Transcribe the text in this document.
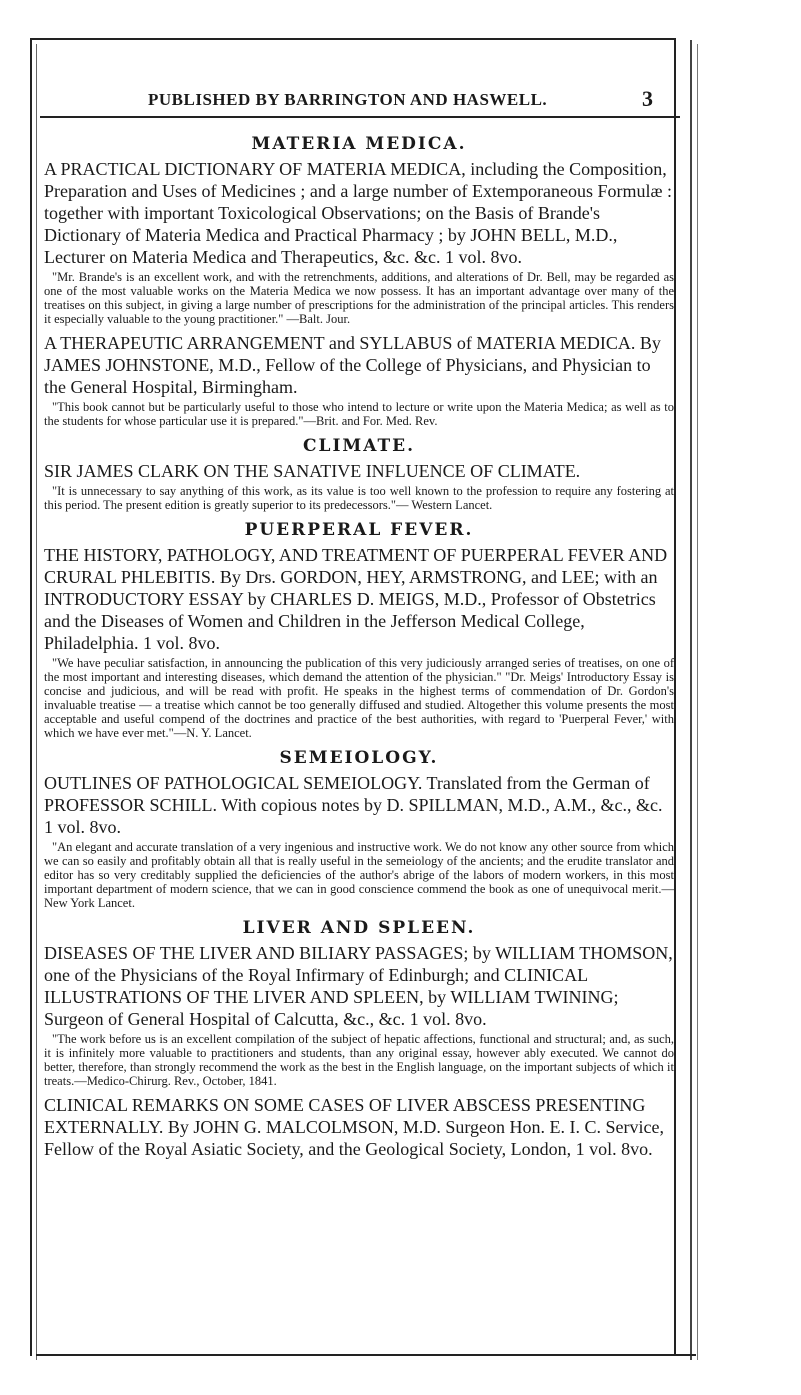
PUBLISHED BY BARRINGTON AND HASWELL.	3
MATERIA MEDICA.

A PRACTICAL DICTIONARY OF MATERIA MEDICA, including the Composition, Preparation and Uses of Medicines ; and a large number of Extemporaneous Formulæ : together with important Toxicological Observations; on the Basis of Brande's Dictionary of Materia Medica and Practical Pharmacy ; by JOHN BELL, M.D., Lecturer on Materia Medica and Therapeutics, &c. &c. 1 vol. 8vo.

"Mr. Brande's is an excellent work, and with the retrenchments, additions, and alterations of Dr. Bell, may be regarded as one of the most valuable works on the Materia Medica we now possess. It has an important advantage over many of the treatises on this subject, in giving a large number of prescriptions for the administration of the principal articles. This renders it especially valuable to the young practitioner." —Balt. Jour.

A THERAPEUTIC ARRANGEMENT and SYLLABUS of MATERIA MEDICA. By JAMES JOHNSTONE, M.D., Fellow of the College of Physicians, and Physician to the General Hospital, Birmingham.

"This book cannot but be particularly useful to those who intend to lecture or write upon the Materia Medica; as well as to the students for whose particular use it is prepared."—Brit. and For. Med. Rev.

CLIMATE.

SIR JAMES CLARK ON THE SANATIVE INFLUENCE OF CLIMATE.

"It is unnecessary to say anything of this work, as its value is too well known to the profession to require any fostering at this period. The present edition is greatly superior to its predecessors."— Western Lancet.

PUERPERAL FEVER.

THE HISTORY, PATHOLOGY, AND TREATMENT OF PUERPERAL FEVER AND CRURAL PHLEBITIS. By Drs. GORDON, HEY, ARMSTRONG, and LEE; with an INTRODUCTORY ESSAY by CHARLES D. MEIGS, M.D., Professor of Obstetrics and the Diseases of Women and Children in the Jefferson Medical College, Philadelphia. 1 vol. 8vo.

"We have peculiar satisfaction, in announcing the publication of this very judiciously arranged series of treatises, on one of the most important and interesting diseases, which demand the attention of the physician." "Dr. Meigs' Introductory Essay is concise and judicious, and will be read with profit. He speaks in the highest terms of commendation of Dr. Gordon's invaluable treatise — a treatise which cannot be too generally diffused and studied. Altogether this volume presents the most acceptable and useful compend of the doctrines and practice of the best authorities, with regard to 'Puerperal Fever,' with which we have ever met."—N. Y. Lancet.

SEMEIOLOGY.

OUTLINES OF PATHOLOGICAL SEMEIOLOGY. Translated from the German of PROFESSOR SCHILL. With copious notes by D. SPILLMAN, M.D., A.M., &c., &c. 1 vol. 8vo.

"An elegant and accurate translation of a very ingenious and instructive work. We do not know any other source from which we can so easily and profitably obtain all that is really useful in the semeiology of the ancients; and the erudite translator and editor has so very creditably supplied the deficiencies of the author's abrige of the labors of modern workers, in this most important department of modern science, that we can in good conscience commend the book as one of unequivocal merit.—New York Lancet.

LIVER AND SPLEEN.

DISEASES OF THE LIVER AND BILIARY PASSAGES; by WILLIAM THOMSON, one of the Physicians of the Royal Infirmary of Edinburgh; and CLINICAL ILLUSTRATIONS OF THE LIVER AND SPLEEN, by WILLIAM TWINING; Surgeon of General Hospital of Calcutta, &c., &c. 1 vol. 8vo.

"The work before us is an excellent compilation of the subject of hepatic affections, functional and structural; and, as such, it is infinitely more valuable to practitioners and students, than any original essay, however ably executed. We cannot do better, therefore, than strongly recommend the work as the best in the English language, on the important subjects of which it treats.—Medico-Chirurg. Rev., October, 1841.

CLINICAL REMARKS ON SOME CASES OF LIVER ABSCESS PRESENTING EXTERNALLY. By JOHN G. MALCOLMSON, M.D. Surgeon Hon. E. I. C. Service, Fellow of the Royal Asiatic Society, and the Geological Society, London, 1 vol. 8vo.
